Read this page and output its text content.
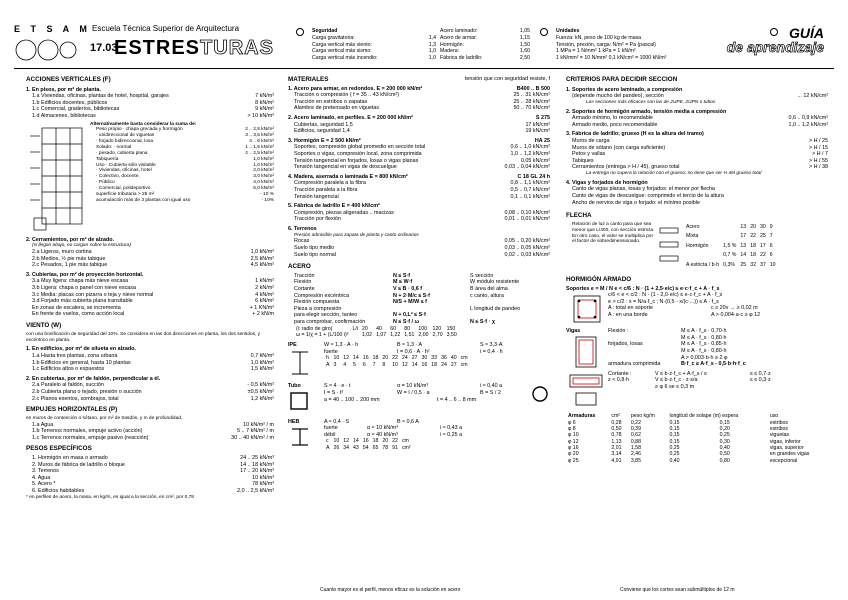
E T S A M Escuela Técnica Superior de Arquitectura
17.03
ESTRESTURAS
Seguridad
Carga gravitatoria:	1,4
Carga vertical más viento:	1,3
Carga vertical más sismo:	1,0
Carga vertical más incendio:	1,0
Acero laminado:	1,05
Acero de armar:	1,15
Hormigón:	1,50
Madera:	1,60
Fábrica de ladrillo:	2,50
Unidades
Fuerza: kN, peso de 100 kg de masa
Tensión, presión, carga: N/m² = Pa (pascal)
1 MPa = 1 N/mm² 1 kPa = 1 kN/m²
1 kN/mm² = 10 N/mm² 0,1 kN/cm² = 1000 kN/m²
GUÍA
de aprendizaje
ACCIONES VERTICALES (F)
1. En pisos, por m² de planta.
1.a Viviendas, oficinas, plantas de hotel, hospital, garajes	7 kN/m²
1.b Edificios docentes, públicos	8 kN/m²
1.c Comercial, graderíos, bibliotecas	9 kN/m²
1.d Almacenes, bibliotecas	> 10 kN/m²
Alternativamente basta considerar la suma de:
Peso propio · chapa grecada y hormigón	2 .. 2,5 kN/m²
· unidireccional de viguetas	3 .. 3,5 kN/m²
· forjado bidireccional, losa	4 .. 6 kN/m²
Solado: · normal	1 .. 1,5 kN/m²
· pesado, cubierta plana	2 .. 2,5 kN/m²
Tabiquería	1,0 kN/m²
Uso · Cubierta sólo visitable	1,0 kN/m²
· Viviendas, oficinas, hotel	2,0 kN/m²
· Colectivo, docente,	3,0 kN/m²
· Público	4,0 kN/m²
· Comercial, polideportivo	5,0 kN/m²
superficie tributaria > 25 m²	- 10 %
acumulación más de 3 plantas con igual uso	- 10%
2. Cerramientos, por m² de alzado.
(si llegan abajo, no cargan sobre la estructura)
2.a Ligeros, muro cortina	1,0 kN/m²
2.b Medios, ½ pie más tabique	2,5 kN/m²
2.c Pesados, 1 pie más tabique	4,5 kN/m²
3. Cubiertas, por m² de proyección horizontal.
3.a Muy ligera: chapa más nieve escasa	1 kN/m²
3.b Ligera: chapa o panel con nieve escasa	2 kN/m²
3.c Media: placas con pizarra o teja y nieve normal	4 kN/m²
3.d Forjado más cubierta plana transitable	6 kN/m²
En zonas de escalera, se incrementa	+ 1 KN/m²
En frente de vuelos, como acción local	+ 2 kN/m
VIENTO (W)
con una bonificación de seguridad del 10%. Se considera en las dos direcciones en planta, los dos sentidos, y excéntrico en planta.
1. En edificios, por m² de silueta en alzado.
1.a Hasta tres plantas, zona urbana	0,7 kN/m²
1.b Edificios en general, hasta 10 plantas	1,0 kN/m²
1.c Edificios altos o expuestos	1,5 kN/m²
2. En cubiertas, por m² de faldón, perpendicular a él.
2.a Paralelo al faldón, succión	- 0,5 kN/m²
2.b Cubierta plana o tejado, presión o succión	±0,5 kN/m²
2.c Planos exentos, sombrajos, total	1,2 kN/m²
EMPUJES HORIZONTALES (P)
en muros de contención o sótano, por m² de trasdós, y m de profundidad,
1.a Agua	10 kN/m² / m
1.b Terrenos normales, empuje activo (acción)	5 .. 7 kN/m² / m
1.c Terrenos normales, empuje pasivo (reacción)	30 .. 40 kN/m² / m
PESOS ESPECÍFICOS
1. Hormigón en masa o armado	24 .. 25 kN/m³
2. Muros de fábrica de ladrillo o bloque	14 .. 18 kN/m³
3. Terrenos	17 .. 20 kN/m³
4. Agua	10 kN/m³
5. Acero *	78 kN/m³
6. Edificios habitables	2,0 .. 2,5 kN/m³
* en perfiles de acero, la masa, en kg/m, es igual a la sección, en cm², por 0,78
MATERIALES	tensión que con seguridad resiste, f
1. Acero para armar, en redondos. E = 200 000 kN/m²	B400 .. B 500
Tracción o compresión ( f = 35 .. 43 kN/cm²)	25 .. 31 kN/cm²
Tracción en estribos o zapatas	25 .. 28 kN/cm²
Alambre de pretensado en viguetas	50 .. 70 kN/cm²
2. Acero laminado, en perfiles. E = 200 000 kN/m²	S 275
Cubiertas, seguridad 1,5	17 kN/cm²
Edificios, seguridad 1,4	19 kN/cm²
3. Hormigón E = 2 500 kN/m²	HA 25
Soportes, compresión global promedio en sección total	0,6 .. 1,0 kN/cm²
Soportes o vigas, compresión local, zona comprimida	1,0 .. 1,2 kN/cm²
Tensión tangencial en forjados, losas o vigas planas	0,05 kN/cm²
Tensión tangencial en vigas de descuelgue	0,03 .. 0,04 kN/cm²
4. Madera, aserrada o laminada E = 800 kN/cm²	C 18 GL 24 h
Compresión paralela a la fibra	0,8 .. 1,1 kN/cm²
Tracción paralela a la fibra	0,5 .. 0,7 kN/cm²
Tensión tangencial	0,1 .. 0,1 kN/cm²
5. Fábrica de ladrillo E = 400 kN/cm²
Compresión, piezas aligeradas .. macizas	0,08 .. 0,10 kN/cm²
Tracción por flexión	0,01 .. 0,01 kN/cm²
6. Terrenos
Presión admisible para zapata de planta y canto ordinarios
Rocas	0,05 .. 0,20 kN/cm²
Suelo tipo medio	0,03 .. 0,05 kN/cm²
Suelo tipo normal	0,02 .. 0,03 kN/cm²
ACERO
Tracción	N ≤ S·f	S sección
Flexión	M ≤ W·f	W módulo resistente
Cortante	V ≤ B · 0,6 f	B área del alma
Compresión excéntrica	N + 2·M/c ≤ S·f	c canto, altura
Flexión compuesta	N/S + M/W ≤ f
Pieza a compresión	L longitud de pandeo
para elegir sección, tanteo	N + 0,L² ≤ S·f
para comprobar, confirmación	N ≤ S·f / ω	N ≤ S·f · χ
(i: radio de giro)	L/i	20	40	60	80	100	120	150
ω = 1/χ = 1 + (L/100 i)²		1,02	1,07	1,22	1,51	2,00	2,70	3,50
IPE	W ≈ 1,3 · A · h	B ≈ 1,3 · A	S ≈ 3,3·A
fuerte	I = 0,6 · A · h²	i = 0,4 · h
h	10	12	14	16	18	20	22	24	27	30	33	36	40	cm
A	3	4	5	6	7	8	10	12	14	16	18	24	27	cm
Tubo	S ≈ 4 · e · t	α = 10 kN/m³	i ≈ 0,40 a
I = S · t²	W = I / 0,5 · a	B = S / 2
a = 40 .. 100 .. 200 mm	t = 4 .. 6 .. 8 mm
HEB	A ≈ 0,4 · S	B ≈ 0,6 A
fuerte	α ≈ 10 kN/m³	i ≈ 0,43 a
débil	α ≈ 40 kN/m³	i ≈ 0,25 a
c	10	12	14	16	18	20	22	cm
A	26	34	43	54	65	78	91	cm²
CRITERIOS PARA DECIDIR SECCIÓN
1. Soportes de acero laminado, a compresión
(depende mucho del pandeo), sección	... 12 kN/cm²
Las secciones más eficaces son las de 2UPE, 2UPN o tubos
2. Soportes de hormigón armado, tensión media a compresión
Armado mínimo, lo recomendable	0,6 .. 0,9 kN/cm²
Armado medio, poco recomendable	1,0 .. 1,2 kN/cm²
3. Fábrica de ladrillo; grueso (H es la altura del tramo)
Muros de carga	> H / 25
Muros de sótano (con carga suficiente)	> H / 15
Petos y vallas	> H / 7
Tabiques	> H / 55
Cerramientos (entrega > H / 45), grueso total	> H / 38
La entrega no supera la relación con el grueso; no tiene que ser ⅔ del grueso total
4. Vigas y forjados de hormigón
Canto de vigas planas, losas y forjados: el menor por flecha
Canto de vigas de descuelgue: comprimido el tercio de la altura
Ancho de nervios de viga o forjado: el mínimo posible
FLECHA
Relación de luz a canto para que sea menor que L/400, con sección estricta. En otro caso, el valor se multiplica por el factor de sobredimensionado.
Acero		13	20	30	9
Mixta		17	22	25	7
Hormigón	1,5 %	13	18	17	6
	0,7 %	14	18	22	6
A estricta / b·h	0,3%	25	32	37	10
HORMIGÓN ARMADO
Soportes e = M / N e < c/6 : N · (1 + 2,5·e/c) ≤ e·c·f_c + A · f_s
c/6 < e < c/2 : N · (1 - 2,0·e/c) ≤ e·c·f_c + A · f_s
e > c/2 : x = N/a·f_c ; N·(0,5 - x/(c·...)) ≤ A · f_s
A : total en soporte	c ≥ 20v → ≥ 0,02 m
A : en una borde	A > 0,004·a·c ≥ φ 12
Vigas	Flexión :	M ≤ A · f_s · 0,70·h
M ≤ A · f_s · 0,80·h
forjados, losas	M ≤ A · f_s · 0,85·h
M ≤ A · f_s · 0,80·h
A > 0,003·b·h ≥ 2 φ
armadura comprimida	B·f_c ≥ A·f_s - 0,5·b·h·f_c
Cortante :	V ≤ b·z·f_c + A·f_s / s	s ≤ 0,7·z
z < 0,8·h	V ≤ b·z·f_c · z·s/a	s ≤ 0,3·z
≥ φ 6 se ≤ 0,3 m
Armaduras	cm²	peso kg/m	longitud de solape (m) espera		uso
φ 6	0,28	0,22	0,15	0,15	estribos
φ 8	0,50	0,39	0,15	0,20	estribos
φ 10	0,78	0,62	0,15	0,25	viguetas
φ 12	1,13	0,88	0,15	0,30	vigas, inferior
φ 16	2,01	1,58	0,25	0,40	vigas, superior
φ 20	3,14	2,46	0,25	0,50	en grandes vigas
φ 25	4,91	3,85	0,40	0,80	excepcional
Cuanto mayor es el perfil, menos eficaz es la solución en acero	Conviene que los cortes sean submúltiplos de 12 m
